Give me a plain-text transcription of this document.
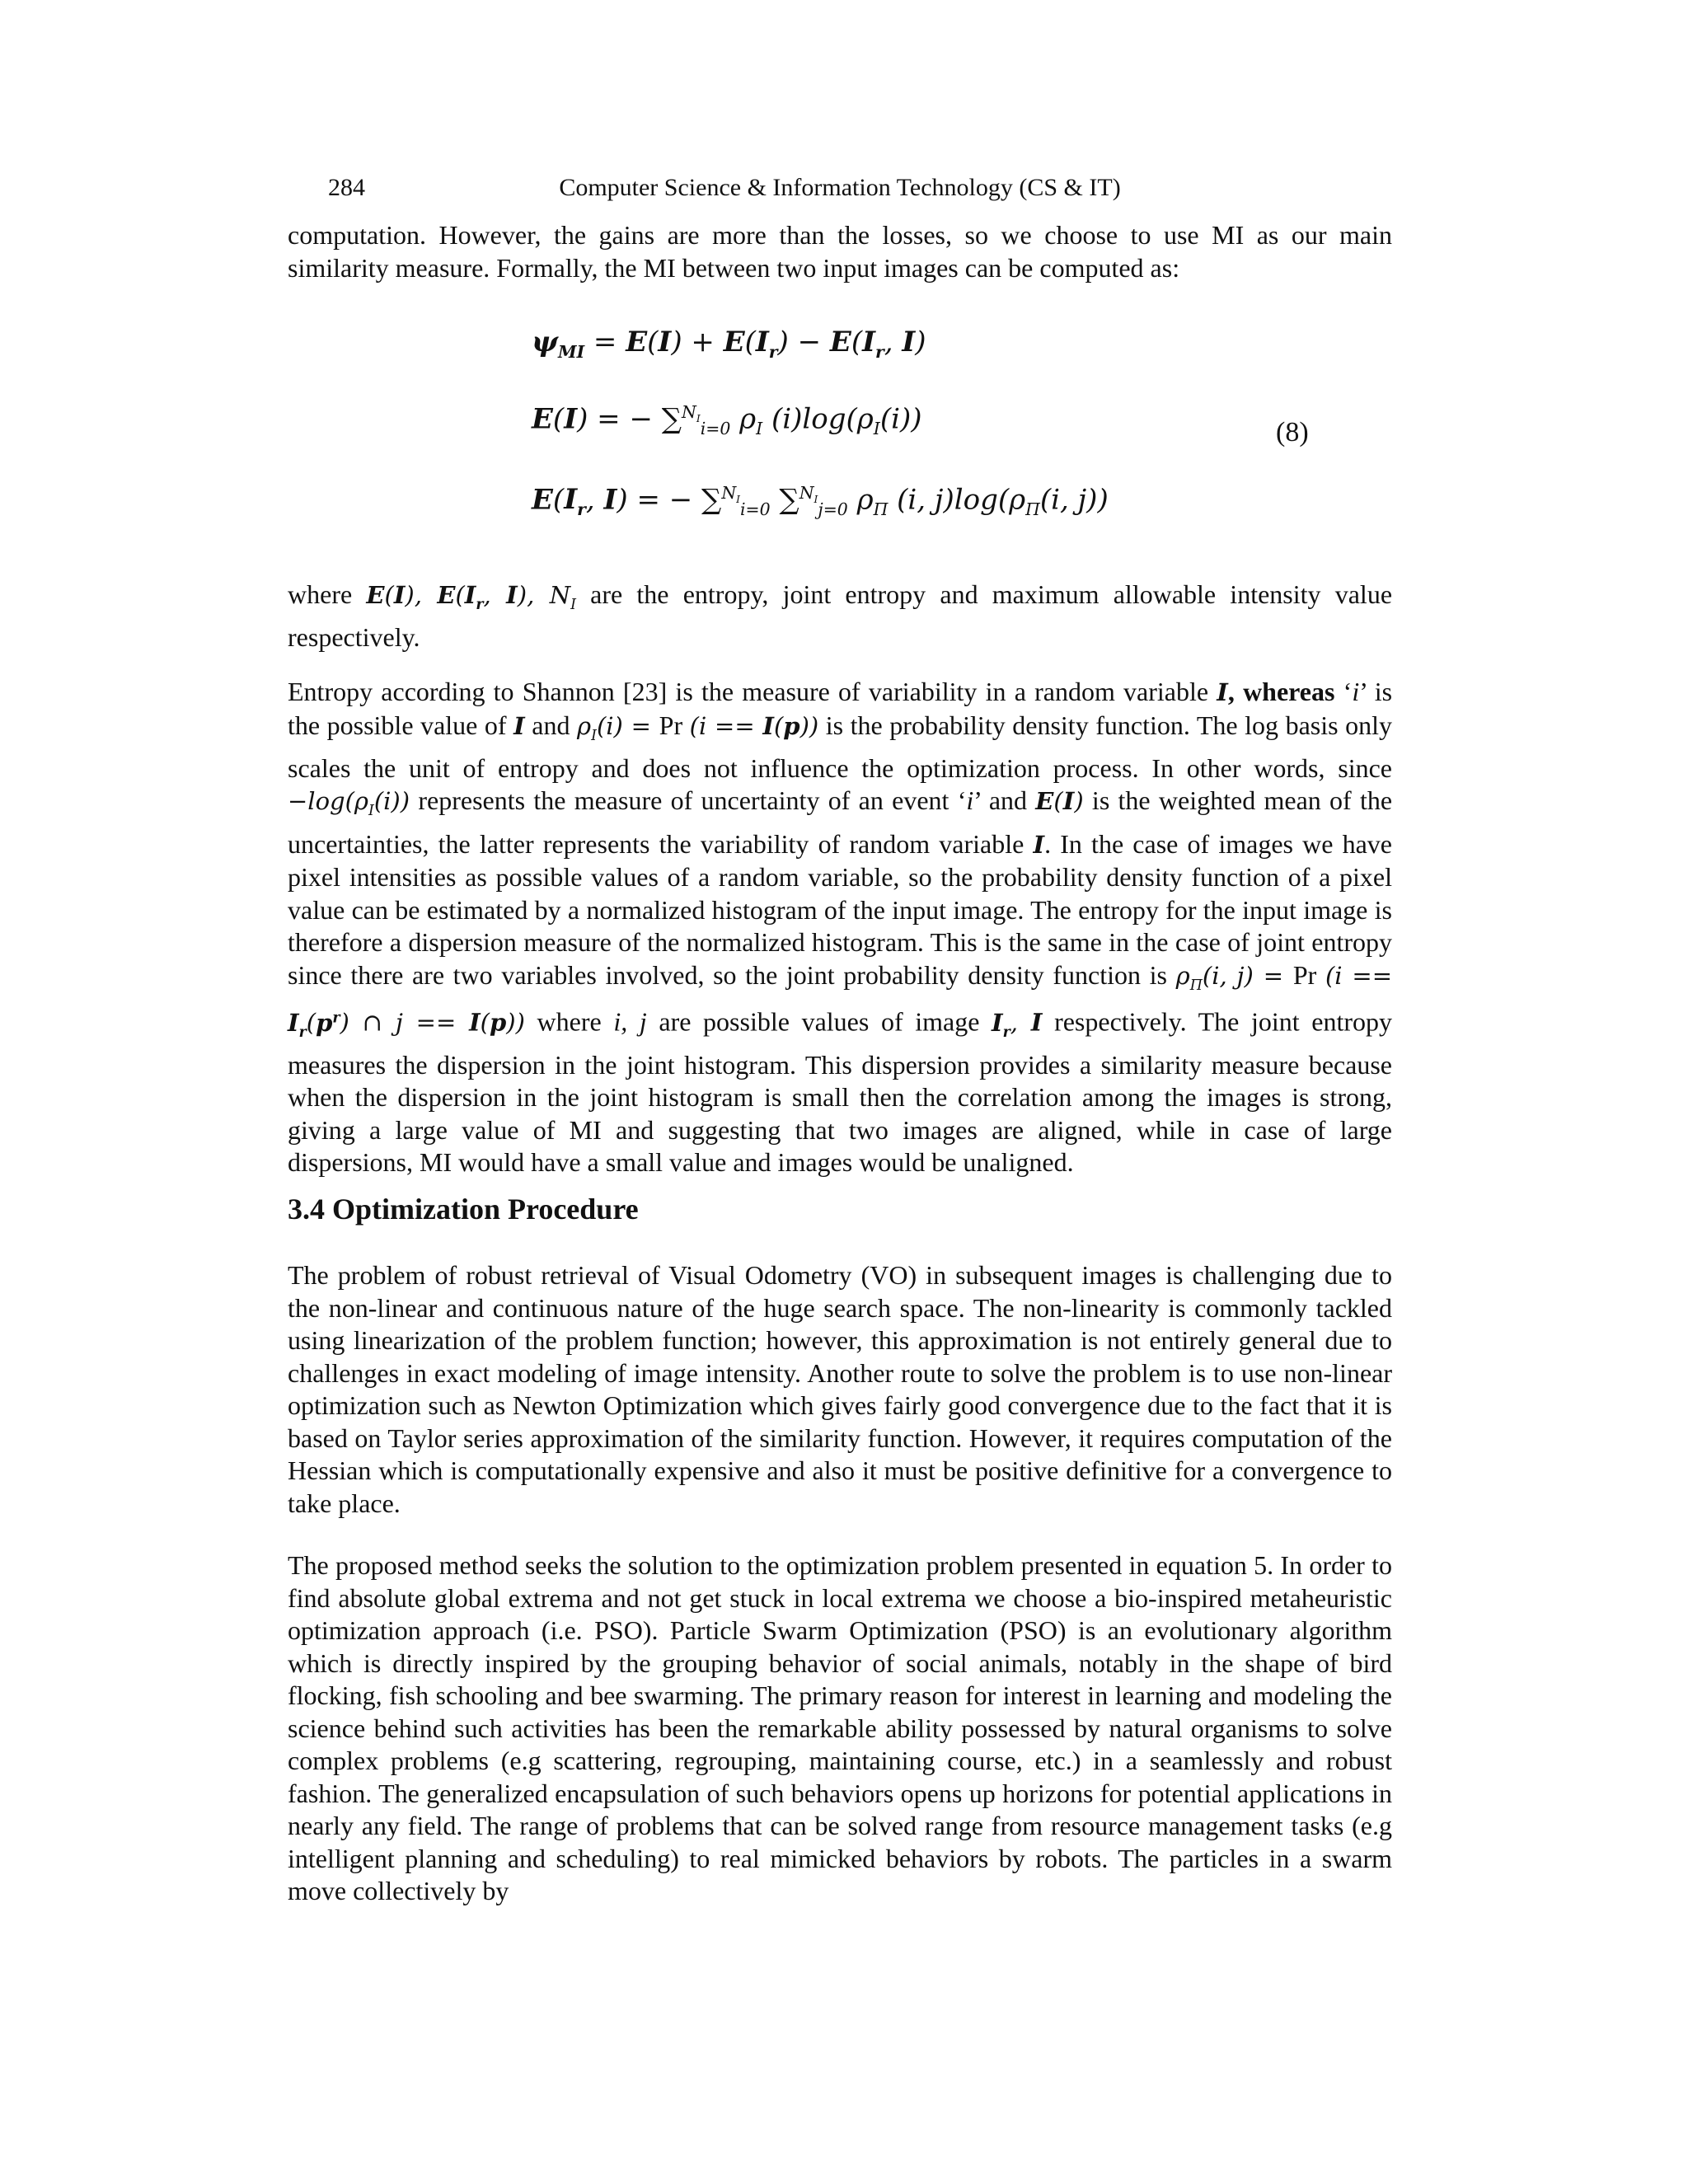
284	Computer Science & Information Technology (CS & IT)

computation. However, the gains are more than the losses, so we choose to use MI as our main similarity measure. Formally, the MI between two input images can be computed as:

$\psi_{MI} = E(I) + E(I_r) - E(I_r$, I)
E(I) = − ∑$^{N_I}_{i=0}$ $\rho_I$ $(i)\log(\rho_I(i))$
$E(I_r$, I) = − ∑$^{N_I}_{i=0}$ ∑$^{N_I}_{j=0}$ $\rho_\Pi$ (i, $j)\log(\rho_\Pi(i$, j))
(8)

where E(I), $E(I_r$, I), $N_I$ are the entropy, joint entropy and maximum allowable intensity value respectively.

Entropy according to Shannon [23] is the measure of variability in a random variable I, whereas ‘i’ is the possible value of I and $\rho_I(i) = Pr$ (i == I(p)) is the probability density function. The log basis only scales the unit of entropy and does not influence the optimization process. In other words, since $-\log(\rho_I(i))$ represents the measure of uncertainty of an event ‘i’ and E(I) is the weighted mean of the uncertainties, the latter represents the variability of random variable I. In the case of images we have pixel intensities as possible values of a random variable, so the probability density function of a pixel value can be estimated by a normalized histogram of the input image. The entropy for the input image is therefore a dispersion measure of the normalized histogram. This is the same in the case of joint entropy since there are two variables involved, so the joint probability density function is $\rho_\Pi(i$, j) = Pr ($i == I_r(p^r)$ ∩ j == I(p)) where i, j are possible values of image $I_r$, I respectively. The joint entropy measures the dispersion in the joint histogram. This dispersion provides a similarity measure because when the dispersion in the joint histogram is small then the correlation among the images is strong, giving a large value of MI and suggesting that two images are aligned, while in case of large dispersions, MI would have a small value and images would be unaligned.

3.4 Optimization Procedure

The problem of robust retrieval of Visual Odometry (VO) in subsequent images is challenging due to the non-linear and continuous nature of the huge search space. The non-linearity is commonly tackled using linearization of the problem function; however, this approximation is not entirely general due to challenges in exact modeling of image intensity. Another route to solve the problem is to use non-linear optimization such as Newton Optimization which gives fairly good convergence due to the fact that it is based on Taylor series approximation of the similarity function. However, it requires computation of the Hessian which is computationally expensive and also it must be positive definitive for a convergence to take place.

The proposed method seeks the solution to the optimization problem presented in equation 5. In order to find absolute global extrema and not get stuck in local extrema we choose a bio-inspired metaheuristic optimization approach (i.e. PSO). Particle Swarm Optimization (PSO) is an evolutionary algorithm which is directly inspired by the grouping behavior of social animals, notably in the shape of bird flocking, fish schooling and bee swarming. The primary reason for interest in learning and modeling the science behind such activities has been the remarkable ability possessed by natural organisms to solve complex problems (e.g scattering, regrouping, maintaining course, etc.) in a seamlessly and robust fashion. The generalized encapsulation of such behaviors opens up horizons for potential applications in nearly any field. The range of problems that can be solved range from resource management tasks (e.g intelligent planning and scheduling) to real mimicked behaviors by robots. The particles in a swarm move collectively by
